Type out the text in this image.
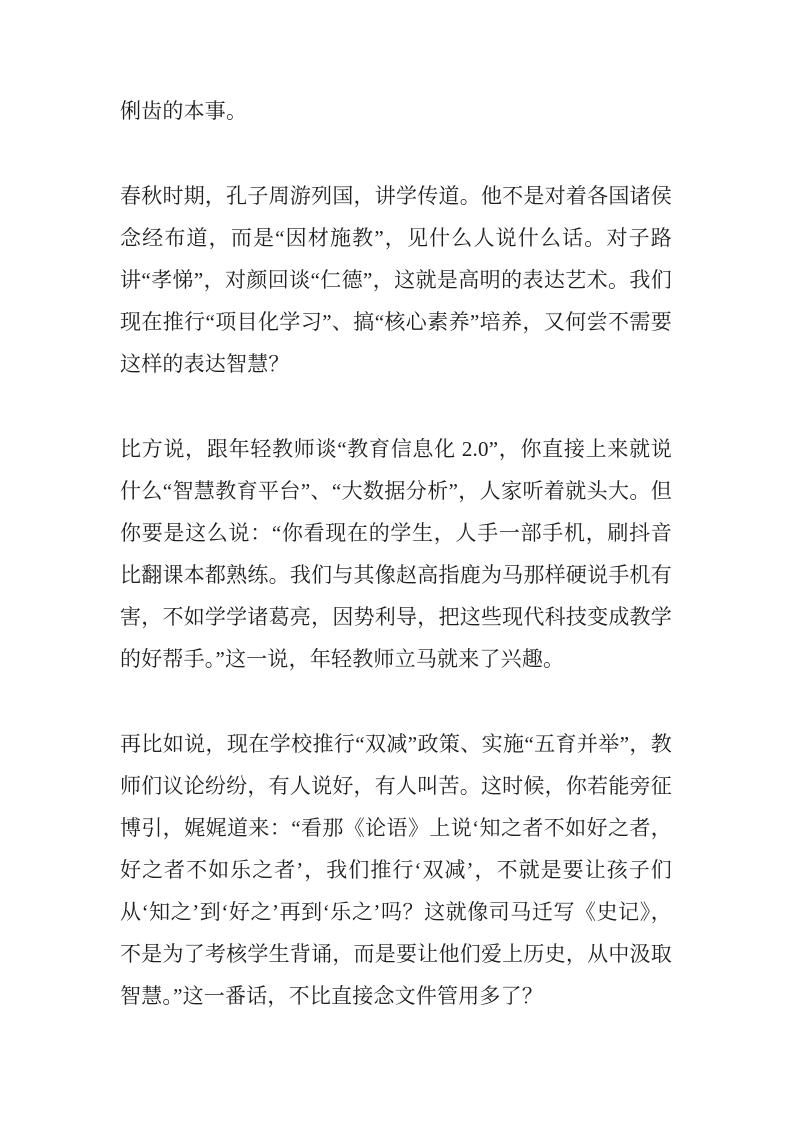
俐齿的本事。

春秋时期，孔子周游列国，讲学传道。他不是对着各国诸侯念经布道，而是“因材施教”，见什么人说什么话。对子路讲“孝悌”，对颜回谈“仁德”，这就是高明的表达艺术。我们现在推行“项目化学习”、搞“核心素养”培养，又何尝不需要这样的表达智慧？

比方说，跟年轻教师谈“教育信息化 2.0”，你直接上来就说什么“智慧教育平台”、“大数据分析”，人家听着就头大。但你要是这么说：“你看现在的学生，人手一部手机，刷抖音比翻课本都熟练。我们与其像赵高指鹿为马那样硬说手机有害，不如学学诸葛亮，因势利导，把这些现代科技变成教学的好帮手。”这一说，年轻教师立马就来了兴趣。

再比如说，现在学校推行“双减”政策、实施“五育并举”，教师们议论纷纷，有人说好，有人叫苦。这时候，你若能旁征博引，娓娓道来：“看那《论语》上说‘知之者不如好之者，好之者不如乐之者’，我们推行‘双减’，不就是要让孩子们从‘知之’到‘好之’再到‘乐之’吗？这就像司马迁写《史记》，不是为了考核学生背诵，而是要让他们爱上历史，从中汲取智慧。”这一番话，不比直接念文件管用多了？
